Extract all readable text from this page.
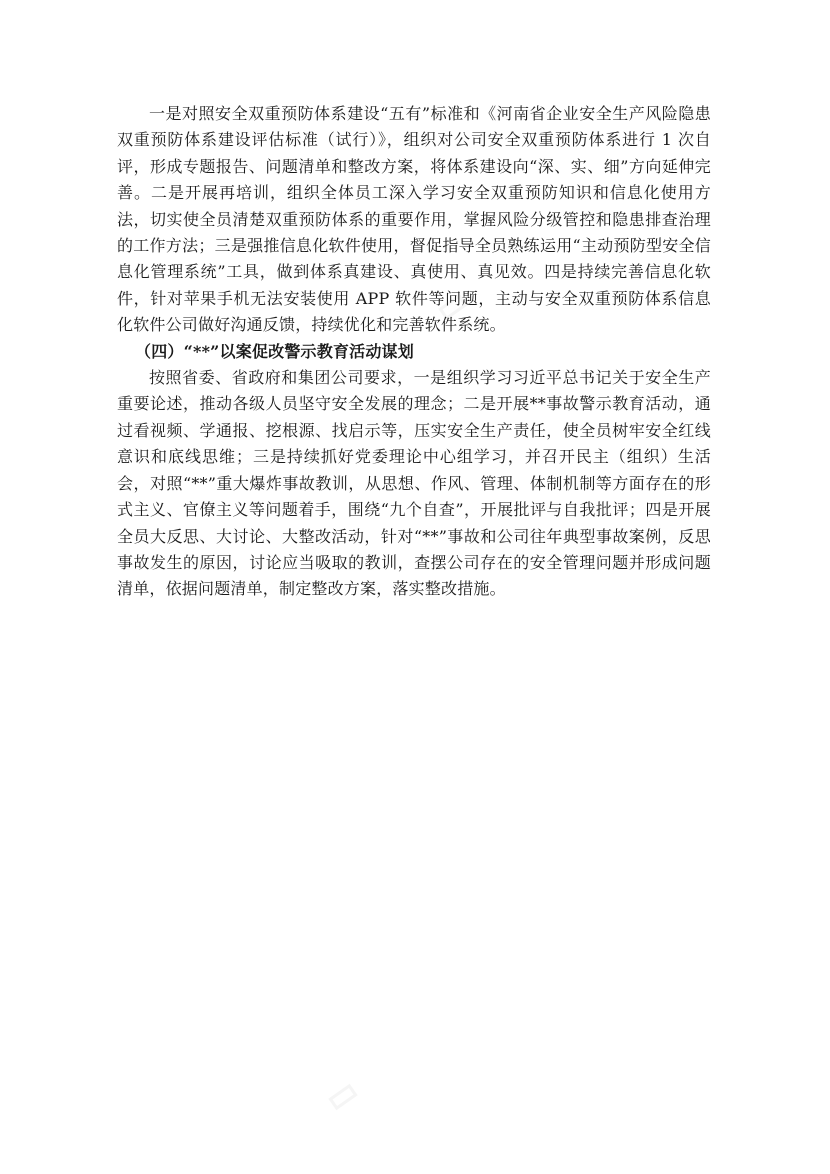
一是对照安全双重预防体系建设“五有”标准和《河南省企业安全生产风险隐患双重预防体系建设评估标准（试行）》，组织对公司安全双重预防体系进行 1 次自评，形成专题报告、问题清单和整改方案，将体系建设向“深、实、细”方向延伸完善。二是开展再培训，组织全体员工深入学习安全双重预防知识和信息化使用方法，切实使全员清楚双重预防体系的重要作用，掌握风险分级管控和隐患排查治理的工作方法；三是强推信息化软件使用，督促指导全员熟练运用“主动预防型安全信息化管理系统”工具，做到体系真建设、真使用、真见效。四是持续完善信息化软件，针对苹果手机无法安装使用 APP 软件等问题，主动与安全双重预防体系信息化软件公司做好沟通反馈，持续优化和完善软件系统。

（四）“**”以案促改警示教育活动谋划

按照省委、省政府和集团公司要求，一是组织学习习近平总书记关于安全生产重要论述，推动各级人员坚守安全发展的理念；二是开展**事故警示教育活动，通过看视频、学通报、挖根源、找启示等，压实安全生产责任，使全员树牢安全红线意识和底线思维；三是持续抓好党委理论中心组学习，并召开民主（组织）生活会，对照“**”重大爆炸事故教训，从思想、作风、管理、体制机制等方面存在的形式主义、官僚主义等问题着手，围绕“九个自查”，开展批评与自我批评；四是开展全员大反思、大讨论、大整改活动，针对“**”事故和公司往年典型事故案例，反思事故发生的原因，讨论应当吸取的教训，查摆公司存在的安全管理问题并形成问题清单，依据问题清单，制定整改方案，落实整改措施。
